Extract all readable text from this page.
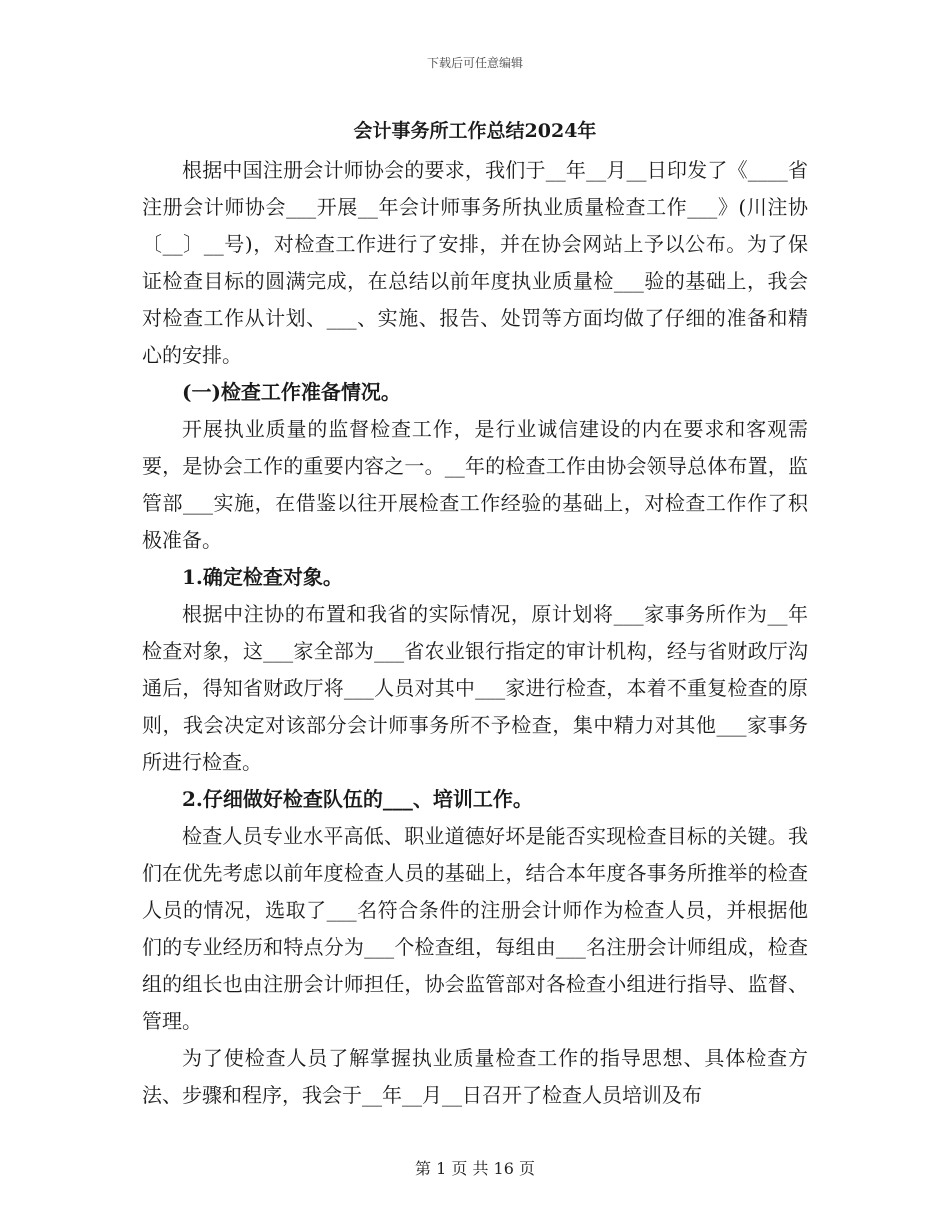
下载后可任意编辑
会计事务所工作总结2024年

根据中国注册会计师协会的要求，我们于__年__月__日印发了《____省注册会计师协会___开展__年会计师事务所执业质量检查工作___》(川注协〔__〕__号)，对检查工作进行了安排，并在协会网站上予以公布。为了保证检查目标的圆满完成，在总结以前年度执业质量检___验的基础上，我会对检查工作从计划、___、实施、报告、处罚等方面均做了仔细的准备和精心的安排。

(一)检查工作准备情况。

开展执业质量的监督检查工作，是行业诚信建设的内在要求和客观需要，是协会工作的重要内容之一。__年的检查工作由协会领导总体布置，监管部___实施，在借鉴以往开展检查工作经验的基础上，对检查工作作了积极准备。

1.确定检查对象。

根据中注协的布置和我省的实际情况，原计划将___家事务所作为__年检查对象，这___家全部为___省农业银行指定的审计机构，经与省财政厅沟通后，得知省财政厅将___人员对其中___家进行检查，本着不重复检查的原则，我会决定对该部分会计师事务所不予检查，集中精力对其他___家事务所进行检查。

2.仔细做好检查队伍的___、培训工作。

检查人员专业水平高低、职业道德好坏是能否实现检查目标的关键。我们在优先考虑以前年度检查人员的基础上，结合本年度各事务所推举的检查人员的情况，选取了___名符合条件的注册会计师作为检查人员，并根据他们的专业经历和特点分为___个检查组，每组由___名注册会计师组成，检查组的组长也由注册会计师担任，协会监管部对各检查小组进行指导、监督、管理。

为了使检查人员了解掌握执业质量检查工作的指导思想、具体检查方法、步骤和程序，我会于__年__月__日召开了检查人员培训及布

第 1 页 共 16 页
